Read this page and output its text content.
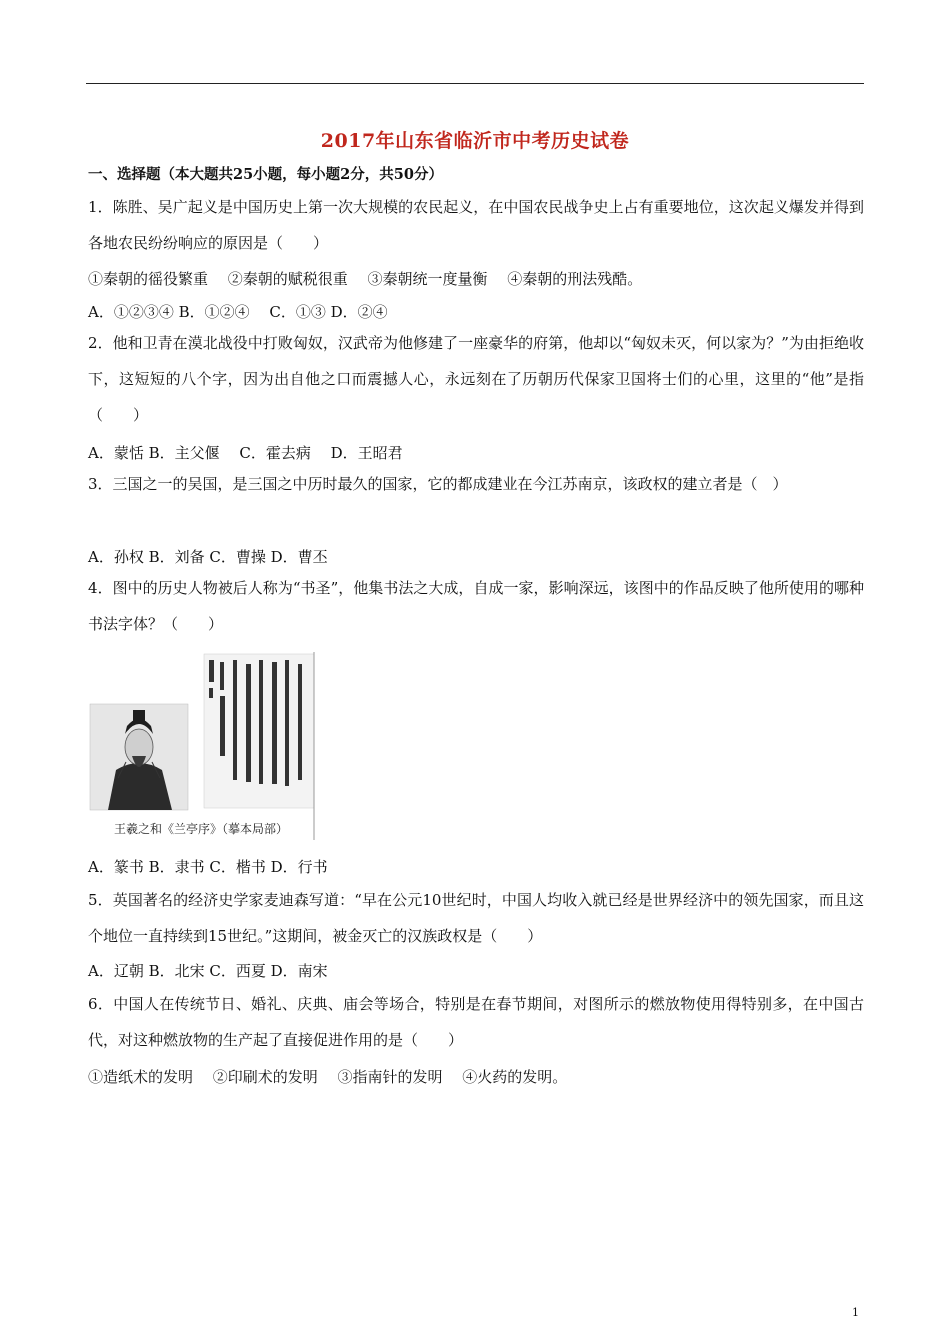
2017年山东省临沂市中考历史试卷
一、选择题（本大题共25小题，每小题2分，共50分）
1．陈胜、吴广起义是中国历史上第一次大规模的农民起义，在中国农民战争史上占有重要地位，这次起义爆发并得到各地农民纷纷响应的原因是（　　）
①秦朝的徭役繁重　 ②秦朝的赋税很重　 ③秦朝统一度量衡　 ④秦朝的刑法残酷。
A．①②③④ B．①②④　 C．①③ D．②④
2．他和卫青在漠北战役中打败匈奴，汉武帝为他修建了一座豪华的府第，他却以“匈奴未灭，何以家为？”为由拒绝收下，这短短的八个字，因为出自他之口而震撼人心，永远刻在了历朝历代保家卫国将士们的心里，这里的“他”是指（　　）
A．蒙恬 B．主父偃　 C．霍去病　 D．王昭君
3．三国之一的吴国，是三国之中历时最久的国家，它的都成建业在今江苏南京，该政权的建立者是（　）
A．孙权 B．刘备 C．曹操 D．曹丕
4．图中的历史人物被后人称为“书圣”，他集书法之大成，自成一家，影响深远，该图中的作品反映了他所使用的哪种书法字体？（　　）
王羲之和《兰亭序》（摹本局部）
A．篆书 B．隶书 C．楷书 D．行书
5．英国著名的经济史学家麦迪森写道：“早在公元10世纪时，中国人均收入就已经是世界经济中的领先国家，而且这个地位一直持续到15世纪。”这期间，被金灭亡的汉族政权是（　　）
A．辽朝 B．北宋 C．西夏 D．南宋
6．中国人在传统节日、婚礼、庆典、庙会等场合，特别是在春节期间，对图所示的燃放物使用得特别多，在中国古代，对这种燃放物的生产起了直接促进作用的是（　　）
①造纸术的发明　 ②印刷术的发明　 ③指南针的发明　 ④火药的发明。
1
